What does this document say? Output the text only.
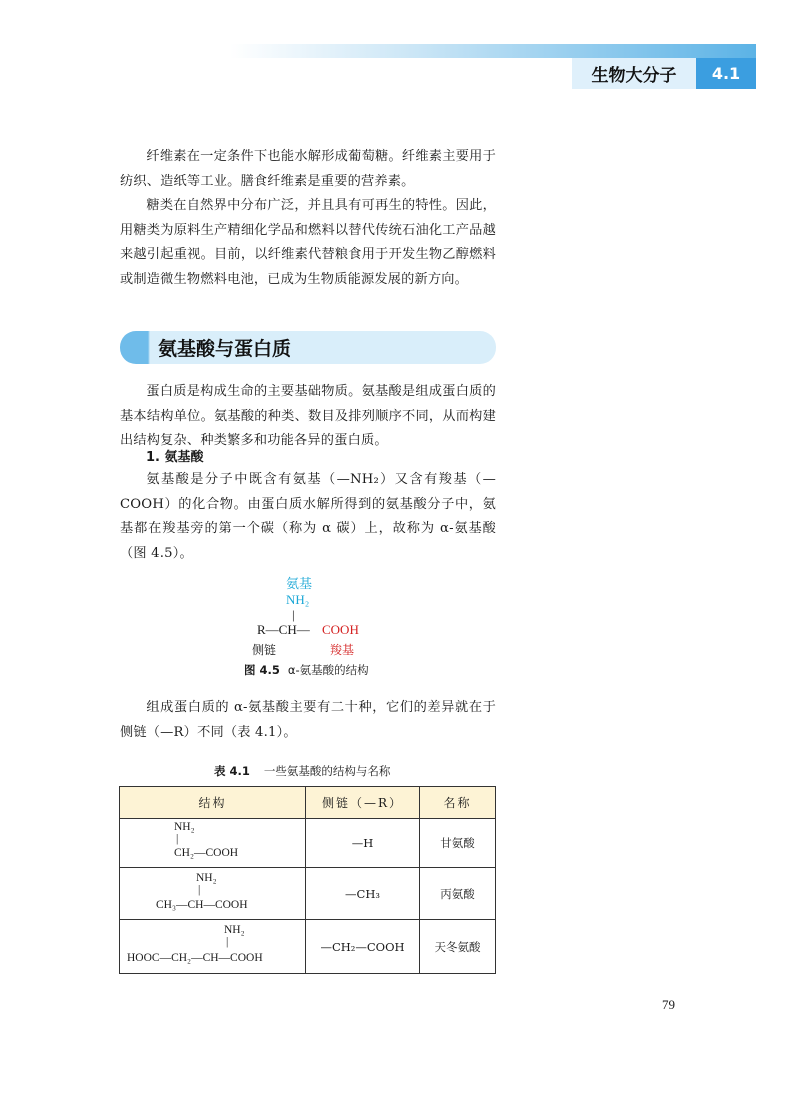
生物大分子	4.1

纤维素在一定条件下也能水解形成葡萄糖。纤维素主要用于纺织、造纸等工业。膳食纤维素是重要的营养素。

糖类在自然界中分布广泛，并且具有可再生的特性。因此，用糖类为原料生产精细化学品和燃料以替代传统石油化工产品越来越引起重视。目前，以纤维素代替粮食用于开发生物乙醇燃料或制造微生物燃料电池，已成为生物质能源发展的新方向。

氨基酸与蛋白质

蛋白质是构成生命的主要基础物质。氨基酸是组成蛋白质的基本结构单位。氨基酸的种类、数目及排列顺序不同，从而构建出结构复杂、种类繁多和功能各异的蛋白质。

1. 氨基酸

氨基酸是分子中既含有氨基（—NH₂）又含有羧基（—COOH）的化合物。由蛋白质水解所得到的氨基酸分子中，氨基都在羧基旁的第一个碳（称为 α 碳）上，故称为 α-氨基酸（图 4.5）。

氨基
NH₂
|
R—CH— COOH
侧链	羧基
图 4.5 α-氨基酸的结构

组成蛋白质的 α-氨基酸主要有二十种，它们的差异就在于侧链（—R）不同（表 4.1）。

表 4.1 一些氨基酸的结构与名称
结构	侧链（—R）	名称

NH₂
|
CH₂—COOH	—H	甘氨酸

NH₂
|
CH₃—CH—COOH	—CH₃	丙氨酸

NH₂
|
HOOC—CH₂—CH—COOH	—CH₂—COOH	天冬氨酸
79
